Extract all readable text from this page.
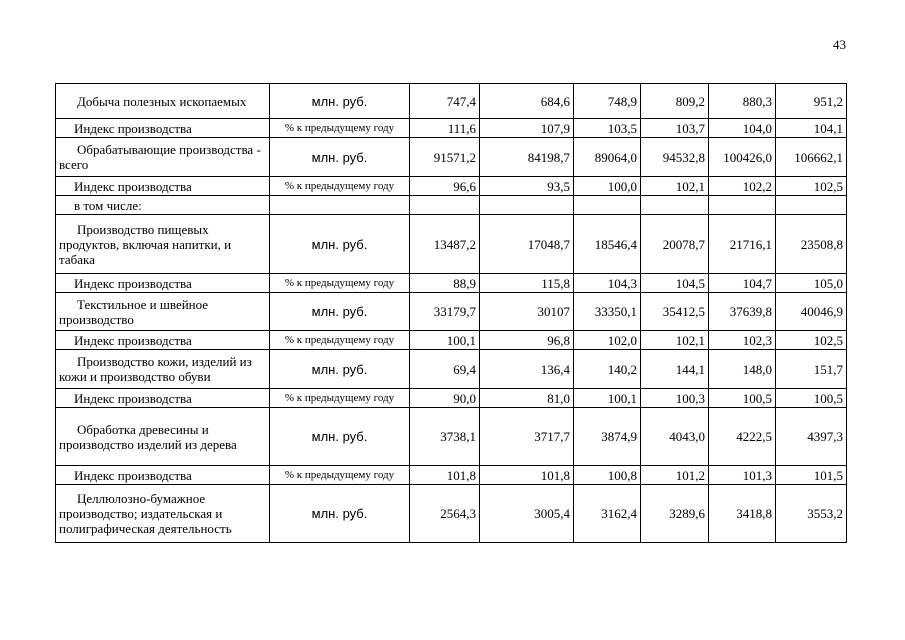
43
Добыча полезных ископаемых	млн. руб.	747,4	684,6	748,9	809,2	880,3	951,2
Индекс производства	% к предыдущему году	111,6	107,9	103,5	103,7	104,0	104,1
Обрабатывающие производства - всего	млн. руб.	91571,2	84198,7	89064,0	94532,8	100426,0	106662,1
Индекс производства	% к предыдущему году	96,6	93,5	100,0	102,1	102,2	102,5
в том числе:							
Производство пищевых продуктов, включая напитки, и табака	млн. руб.	13487,2	17048,7	18546,4	20078,7	21716,1	23508,8
Индекс производства	% к предыдущему году	88,9	115,8	104,3	104,5	104,7	105,0
Текстильное и швейное производство	млн. руб.	33179,7	30107	33350,1	35412,5	37639,8	40046,9
Индекс производства	% к предыдущему году	100,1	96,8	102,0	102,1	102,3	102,5
Производство кожи, изделий из кожи и производство обуви	млн. руб.	69,4	136,4	140,2	144,1	148,0	151,7
Индекс производства	% к предыдущему году	90,0	81,0	100,1	100,3	100,5	100,5
Обработка древесины и производство изделий из дерева	млн. руб.	3738,1	3717,7	3874,9	4043,0	4222,5	4397,3
Индекс производства	% к предыдущему году	101,8	101,8	100,8	101,2	101,3	101,5
Целлюлозно-бумажное производство; издательская и полиграфическая деятельность	млн. руб.	2564,3	3005,4	3162,4	3289,6	3418,8	3553,2
